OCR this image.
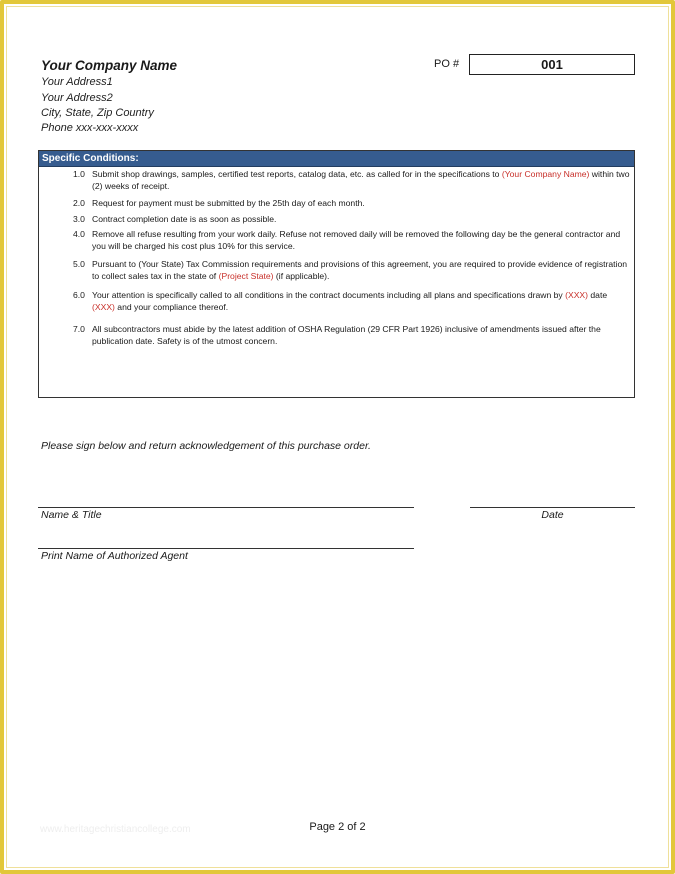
Your Company Name
Your Address1
Your Address2
City, State, Zip Country
Phone xxx-xxx-xxxx
PO #	001
Specific Conditions:
1.0 Submit shop drawings, samples, certified test reports, catalog data, etc. as called for in the specifications to (Your Company Name) within two (2) weeks of receipt.
2.0 Request for payment must be submitted by the 25th day of each month.
3.0 Contract completion date is as soon as possible.
4.0 Remove all refuse resulting from your work daily. Refuse not removed daily will be removed the following day be the general contractor and you will be charged his cost plus 10% for this service.
5.0 Pursuant to (Your State) Tax Commission requirements and provisions of this agreement, you are required to provide evidence of registration to collect sales tax in the state of (Project State) (if applicable).
6.0 Your attention is specifically called to all conditions in the contract documents including all plans and specifications drawn by (XXX) date (XXX) and your compliance thereof.
7.0 All subcontractors must abide by the latest addition of OSHA Regulation (29 CFR Part 1926) inclusive of amendments issued after the publication date. Safety is of the utmost concern.
Please sign below and return acknowledgement of this purchase order.
Name & Title	Date
Print Name of Authorized Agent
www.heritagechristiancollege.com	Page 2 of 2
